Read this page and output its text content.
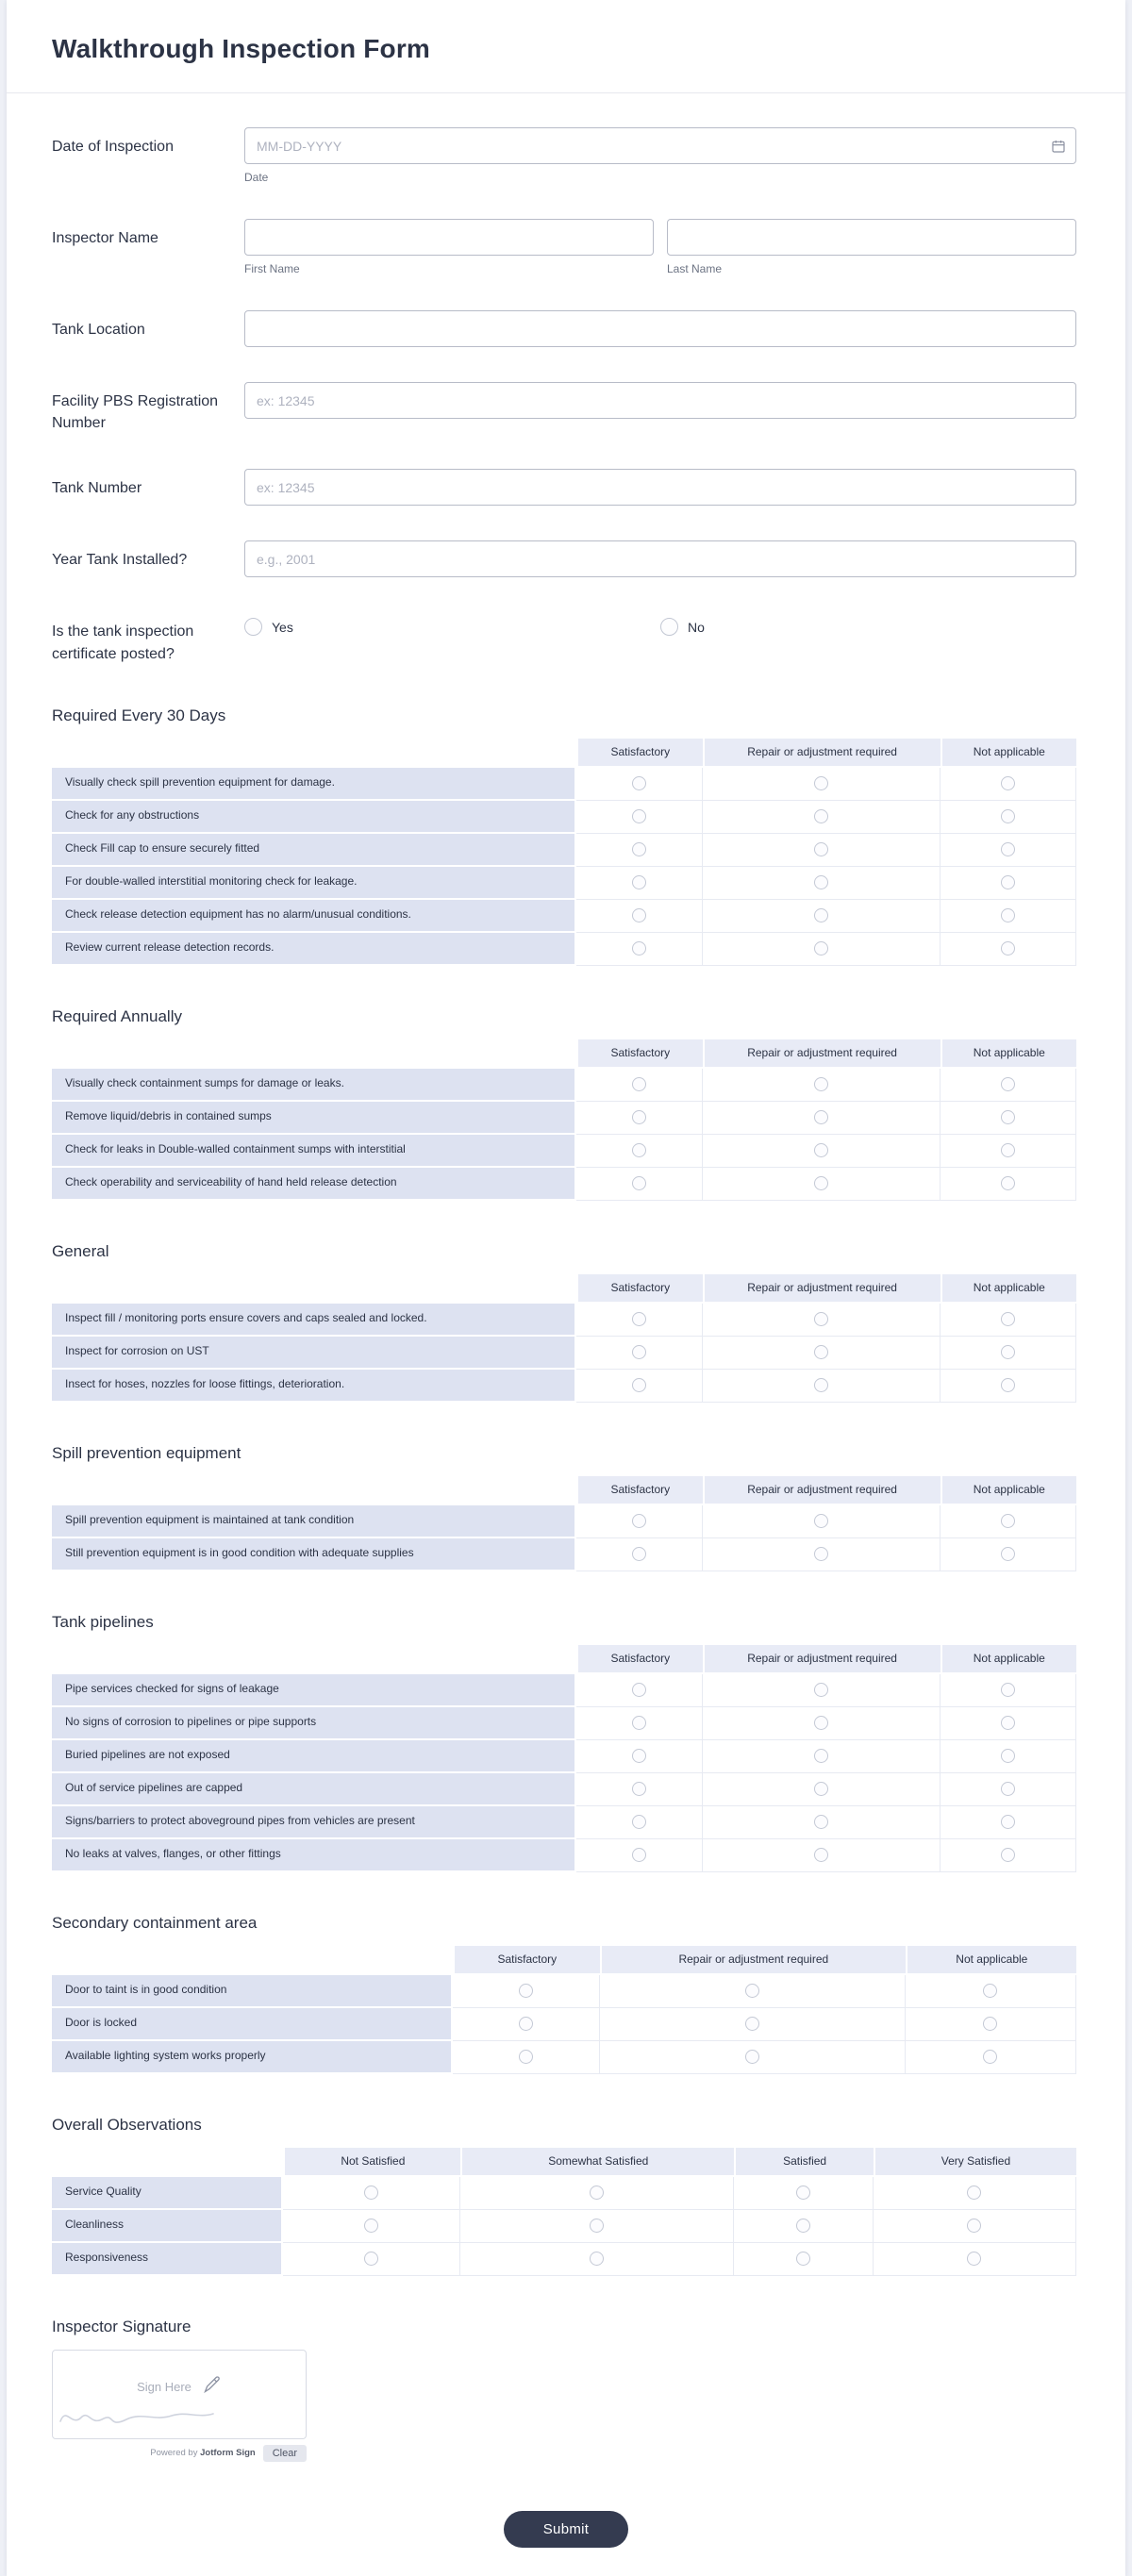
Walkthrough Inspection Form
Date of Inspection
MM-DD-YYYY
Date
Inspector Name
First Name	Last Name
Tank Location
Facility PBS Registration Number
ex: 12345
Tank Number
ex: 12345
Year Tank Installed?
e.g., 2001
Is the tank inspection certificate posted?
Yes	No
Required Every 30 Days
	Satisfactory	Repair or adjustment required	Not applicable
Visually check spill prevention equipment for damage.			
Check for any obstructions			
Check Fill cap to ensure securely fitted			
For double-walled interstitial monitoring check for leakage.			
Check release detection equipment has no alarm/unusual conditions.			
Review current release detection records.			
Required Annually
	Satisfactory	Repair or adjustment required	Not applicable
Visually check containment sumps for damage or leaks.			
Remove liquid/debris in contained sumps			
Check for leaks in Double-walled containment sumps with interstitial			
Check operability and serviceability of hand held release detection			
General
	Satisfactory	Repair or adjustment required	Not applicable
Inspect fill / monitoring ports ensure covers and caps sealed and locked.			
Inspect for corrosion on UST			
Insect for hoses, nozzles for loose fittings, deterioration.			
Spill prevention equipment
	Satisfactory	Repair or adjustment required	Not applicable
Spill prevention equipment is maintained at tank condition			
Still prevention equipment is in good condition with adequate supplies			
Tank pipelines
	Satisfactory	Repair or adjustment required	Not applicable
Pipe services checked for signs of leakage			
No signs of corrosion to pipelines or pipe supports			
Buried pipelines are not exposed			
Out of service pipelines are capped			
Signs/barriers to protect aboveground pipes from vehicles are present			
No leaks at valves, flanges, or other fittings			
Secondary containment area
	Satisfactory	Repair or adjustment required	Not applicable
Door to taint is in good condition			
Door is locked			
Available lighting system works properly			
Overall Observations
	Not Satisfied	Somewhat Satisfied	Satisfied	Very Satisfied
Service Quality				
Cleanliness				
Responsiveness				
Inspector Signature
Sign Here
Powered by Jotform Sign	Clear
Submit
